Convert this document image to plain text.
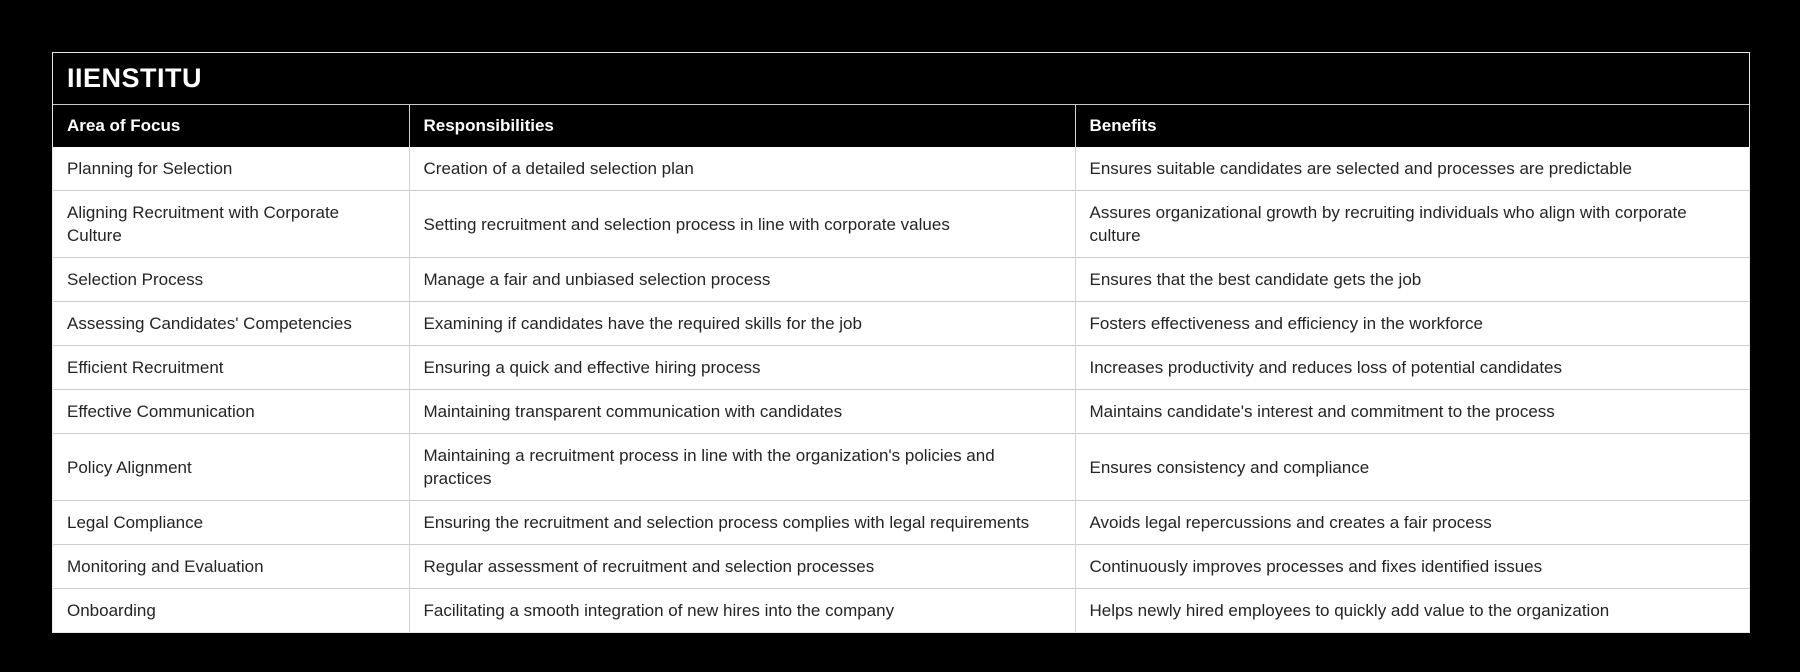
IIENSTITU
Area of Focus	Responsibilities	Benefits
Planning for Selection	Creation of a detailed selection plan	Ensures suitable candidates are selected and processes are predictable
Aligning Recruitment with Corporate Culture	Setting recruitment and selection process in line with corporate values	Assures organizational growth by recruiting individuals who align with corporate culture
Selection Process	Manage a fair and unbiased selection process	Ensures that the best candidate gets the job
Assessing Candidates' Competencies	Examining if candidates have the required skills for the job	Fosters effectiveness and efficiency in the workforce
Efficient Recruitment	Ensuring a quick and effective hiring process	Increases productivity and reduces loss of potential candidates
Effective Communication	Maintaining transparent communication with candidates	Maintains candidate's interest and commitment to the process
Policy Alignment	Maintaining a recruitment process in line with the organization's policies and practices	Ensures consistency and compliance
Legal Compliance	Ensuring the recruitment and selection process complies with legal requirements	Avoids legal repercussions and creates a fair process
Monitoring and Evaluation	Regular assessment of recruitment and selection processes	Continuously improves processes and fixes identified issues
Onboarding	Facilitating a smooth integration of new hires into the company	Helps newly hired employees to quickly add value to the organization
